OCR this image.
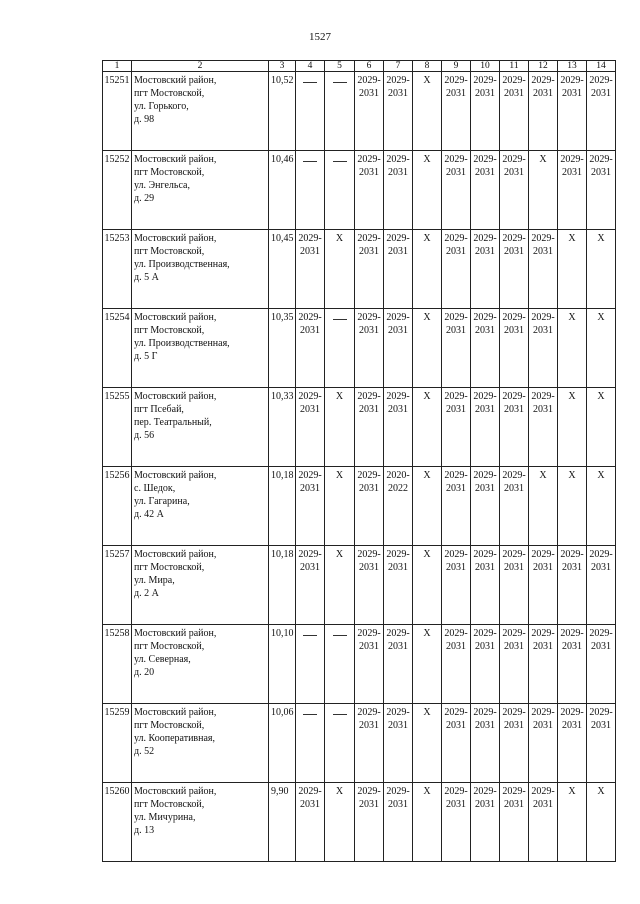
1527
1	2	3	4	5	6	7	8	9	10	11	12	13	14
15251	Мостовский район,
пгт Мостовской,
ул. Горького,
д. 98	10,52			2029-
2031	2029-
2031	X	2029-
2031	2029-
2031	2029-
2031	2029-
2031	2029-
2031	2029-
2031
15252	Мостовский район,
пгт Мостовской,
ул. Энгельса,
д. 29	10,46			2029-
2031	2029-
2031	X	2029-
2031	2029-
2031	2029-
2031	X	2029-
2031	2029-
2031
15253	Мостовский район,
пгт Мостовской,
ул. Производственная,
д. 5 А	10,45	2029-
2031	X	2029-
2031	2029-
2031	X	2029-
2031	2029-
2031	2029-
2031	2029-
2031	X	X
15254	Мостовский район,
пгт Мостовской,
ул. Производственная,
д. 5 Г	10,35	2029-
2031		2029-
2031	2029-
2031	X	2029-
2031	2029-
2031	2029-
2031	2029-
2031	X	X
15255	Мостовский район,
пгт Псебай,
пер. Театральный,
д. 56	10,33	2029-
2031	X	2029-
2031	2029-
2031	X	2029-
2031	2029-
2031	2029-
2031	2029-
2031	X	X
15256	Мостовский район,
с. Шедок,
ул. Гагарина,
д. 42 А	10,18	2029-
2031	X	2029-
2031	2020-
2022	X	2029-
2031	2029-
2031	2029-
2031	X	X	X
15257	Мостовский район,
пгт Мостовской,
ул. Мира,
д. 2 А	10,18	2029-
2031	X	2029-
2031	2029-
2031	X	2029-
2031	2029-
2031	2029-
2031	2029-
2031	2029-
2031	2029-
2031
15258	Мостовский район,
пгт Мостовской,
ул. Северная,
д. 20	10,10			2029-
2031	2029-
2031	X	2029-
2031	2029-
2031	2029-
2031	2029-
2031	2029-
2031	2029-
2031
15259	Мостовский район,
пгт Мостовской,
ул. Кооперативная,
д. 52	10,06			2029-
2031	2029-
2031	X	2029-
2031	2029-
2031	2029-
2031	2029-
2031	2029-
2031	2029-
2031
15260	Мостовский район,
пгт Мостовской,
ул. Мичурина,
д. 13	9,90	2029-
2031	X	2029-
2031	2029-
2031	X	2029-
2031	2029-
2031	2029-
2031	2029-
2031	X	X
